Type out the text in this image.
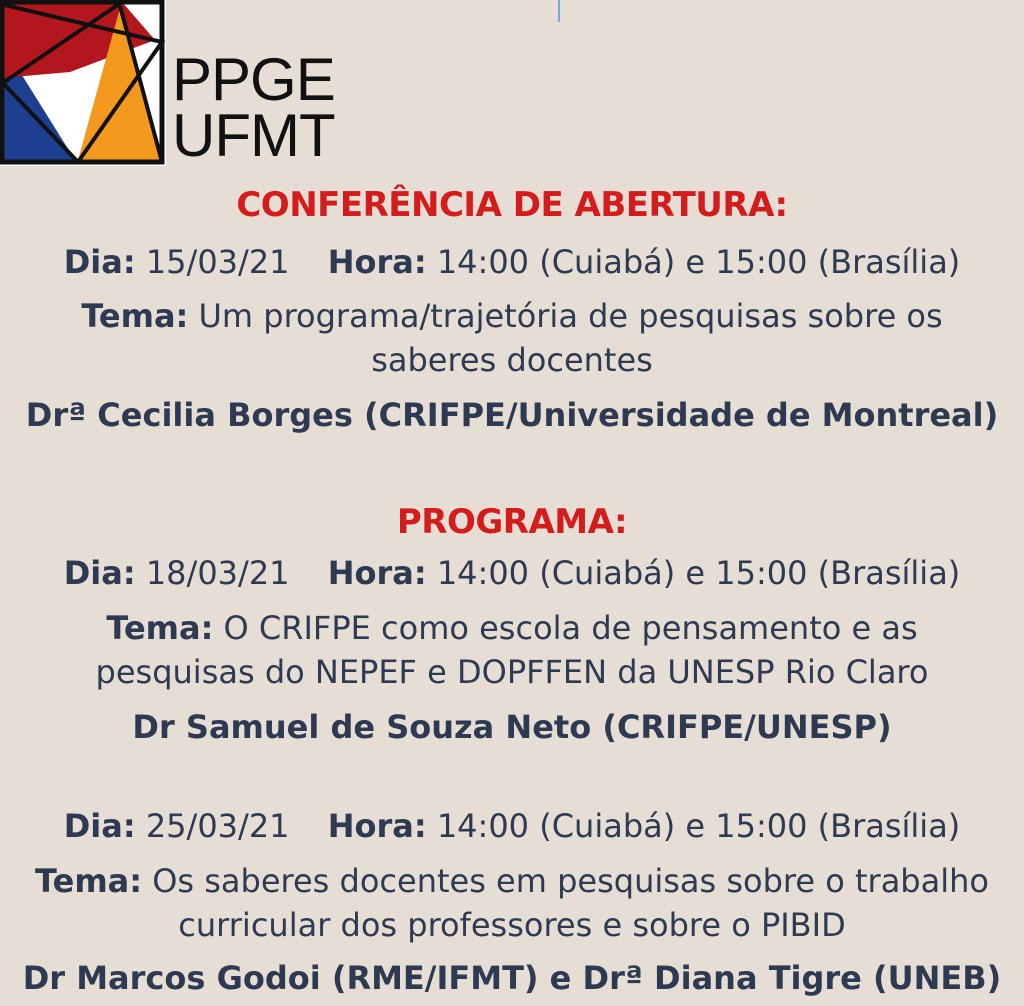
PPGE
UFMT
CONFERÊNCIA DE ABERTURA:
Dia: 15/03/21 Hora: 14:00 (Cuiabá) e 15:00 (Brasília)
Tema: Um programa/trajetória de pesquisas sobre os
saberes docentes
Drª Cecilia Borges (CRIFPE/Universidade de Montreal)
PROGRAMA:
Dia: 18/03/21 Hora: 14:00 (Cuiabá) e 15:00 (Brasília)
Tema: O CRIFPE como escola de pensamento e as
pesquisas do NEPEF e DOPFFEN da UNESP Rio Claro
Dr Samuel de Souza Neto (CRIFPE/UNESP)
Dia: 25/03/21 Hora: 14:00 (Cuiabá) e 15:00 (Brasília)
Tema: Os saberes docentes em pesquisas sobre o trabalho
curricular dos professores e sobre o PIBID
Dr Marcos Godoi (RME/IFMT) e Drª Diana Tigre (UNEB)
